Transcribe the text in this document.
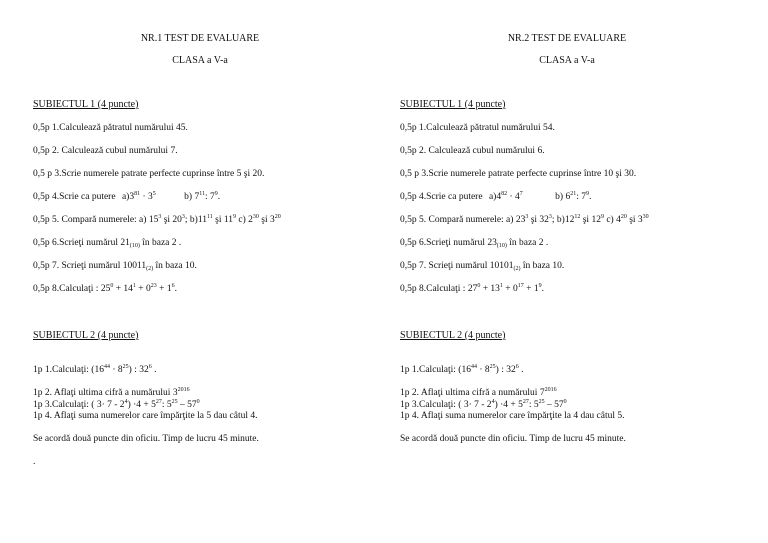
NR.1 TEST DE EVALUARE
CLASA a V-a
SUBIECTUL 1 (4 puncte)
0,5p 1.Calculează pătratul numărului 45.
0,5p 2. Calculează cubul numărului 7.
0,5 p 3.Scrie numerele patrate perfecte cuprinse între 5 şi 20.
0,5p 4.Scrie ca putere $a)3^{81} \cdot 3^5$	b) $7^{11}$: $7^9$.
0,5p 5. Compară numerele: a) $15^3$ şi $20^3$; $b)11^{11}$ şi $11^9$ c) $2^{30}$ şi $3^{20}$
0,5p 6.Scrieţi numărul $21_{(10)}$ în baza 2 .
0,5p 7. Scrieţi numărul $10011_{(2)}$ în baza 10.
0,5p 8.Calculaţi : $25^0 + 14^1 + 0^{23} + 1^6$.
SUBIECTUL 2 (4 puncte)
1p 1.Calculaţi: $(16^{44} \cdot 8^{25})$ : $32^6$ .
1p 2. Aflaţi ultima cifră a numărului $3^{2016}$
1p 3.Calculaţi: ( $3\cdot 7 - 2^4) \cdot 4 + 5^{27}$: $5^{25} - 57^0$
1p 4. Aflaţi suma numerelor care împărţite la 5 dau cȃtul 4.
Se acordă două puncte din oficiu. Timp de lucru 45 minute.
.
NR.2 TEST DE EVALUARE
CLASA a V-a
SUBIECTUL 1 (4 puncte)
0,5p 1.Calculează pătratul numărului 54.
0,5p 2. Calculează cubul numărului 6.
0,5 p 3.Scrie numerele patrate perfecte cuprinse între 10 şi 30.
0,5p 4.Scrie ca putere $a)4^{82} \cdot 4^7$	b) $6^{21}$: $7^9$.
0,5p 5. Compară numerele: a) $23^3$ şi $32^3$; $b)12^{12}$ şi $12^9$ c) $4^{20}$ şi $3^{30}$
0,5p 6.Scrieţi numărul $23_{(10)}$ în baza 2 .
0,5p 7. Scrieţi numărul $10101_{(2)}$ în baza 10.
0,5p 8.Calculaţi : $27^0 + 13^1 + 0^{17} + 1^9$.
SUBIECTUL 2 (4 puncte)
1p 1.Calculaţi: $(16^{44} \cdot 8^{25})$ : $32^6$ .
1p 2. Aflaţi ultima cifră a numărului $7^{2016}$
1p 3.Calculaţi: ( $3\cdot 7 - 2^4) \cdot 4 + 5^{27}$: $5^{25} - 57^0$
1p 4. Aflaţi suma numerelor care împărţite la 4 dau cȃtul 5.
Se acordă două puncte din oficiu. Timp de lucru 45 minute.
